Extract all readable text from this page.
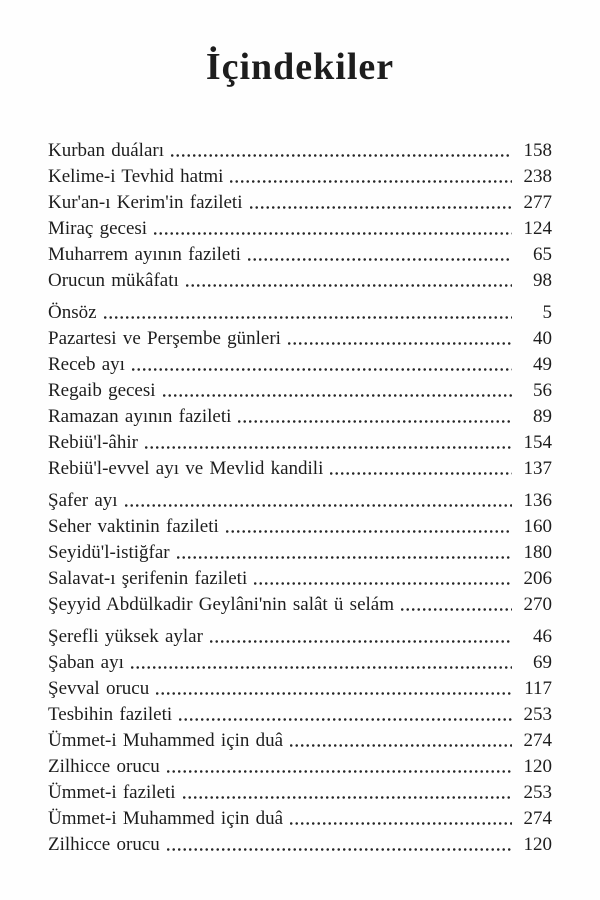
İçindekiler
Kurban duáları	158
Kelime-i Tevhid hatmi	238
Kur'an-ı Kerim'in fazileti	277
Miraç gecesi	124
Muharrem ayının fazileti	65
Orucun mükâfatı	98
Önsöz	5
Pazartesi ve Perşembe günleri	40
Receb ayı	49
Regaib gecesi	56
Ramazan ayının fazileti	89
Rebiü'l-âhir	154
Rebiü'l-evvel ayı ve Mevlid kandili	137
Şafer ayı	136
Seher vaktinin fazileti	160
Seyidü'l-istiğfar	180
Salavat-ı şerifenin fazileti	206
Şeyyid Abdülkadir Geylâni'nin salât ü selám	270
Şerefli yüksek aylar	46
Şaban ayı	69
Şevval orucu	117
Tesbihin fazileti	253
Ümmet-i Muhammed için duâ	274
Zilhicce orucu	120
Ümmet-i fazileti	253
Ümmet-i Muhammed için duâ	274
Zilhicce orucu	120
